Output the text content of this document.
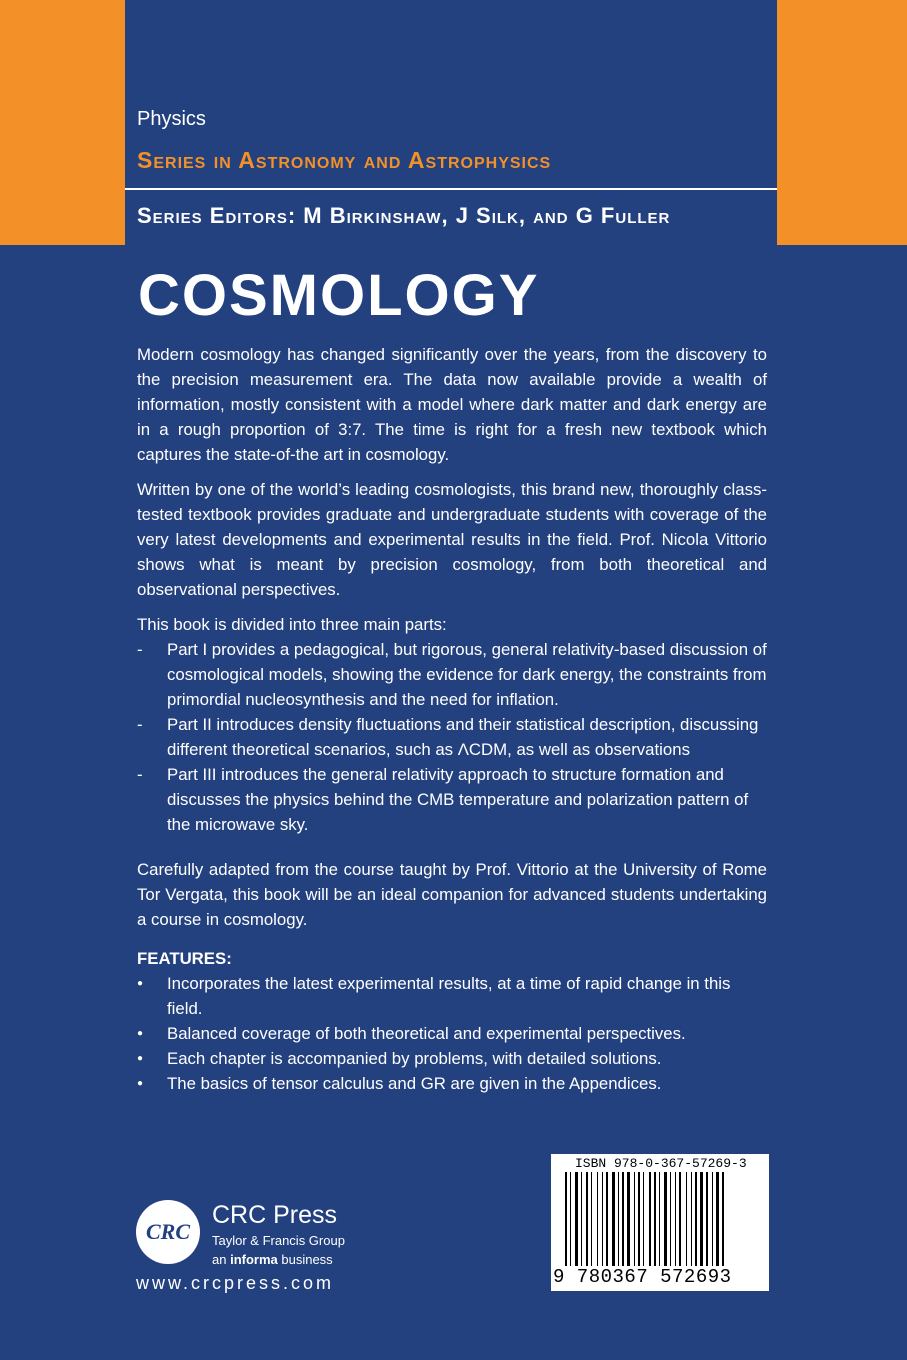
Physics
Series in Astronomy and Astrophysics
Series Editors: M Birkinshaw, J Silk, and G Fuller
COSMOLOGY

Modern cosmology has changed significantly over the years, from the discovery to the precision measurement era. The data now available provide a wealth of information, mostly consistent with a model where dark matter and dark energy are in a rough proportion of 3:7. The time is right for a fresh new textbook which captures the state-of-the art in cosmology.

Written by one of the world’s leading cosmologists, this brand new, thoroughly class-tested textbook provides graduate and undergraduate students with coverage of the very latest developments and experimental results in the field. Prof. Nicola Vittorio shows what is meant by precision cosmology, from both theoretical and observational perspectives.

This book is divided into three main parts:
-	Part I provides a pedagogical, but rigorous, general relativity-based discussion of cosmological models, showing the evidence for dark energy, the constraints from primordial nucleosynthesis and the need for inflation.
-	Part II introduces density fluctuations and their statistical description, discussing different theoretical scenarios, such as ΛCDM, as well as observations
-	Part III introduces the general relativity approach to structure formation and discusses the physics behind the CMB temperature and polarization pattern of the microwave sky.

Carefully adapted from the course taught by Prof. Vittorio at the University of Rome Tor Vergata, this book will be an ideal companion for advanced students undertaking a course in cosmology.

FEATURES:
●	Incorporates the latest experimental results, at a time of rapid change in this field.
●	Balanced coverage of both theoretical and experimental perspectives.
●	Each chapter is accompanied by problems, with detailed solutions.
●	The basics of tensor calculus and GR are given in the Appendices.
CRC
CRC Press
Taylor & Francis Group
an informa business
www.crcpress.com
ISBN 978-0-367-57269-3
9 780367 572693
